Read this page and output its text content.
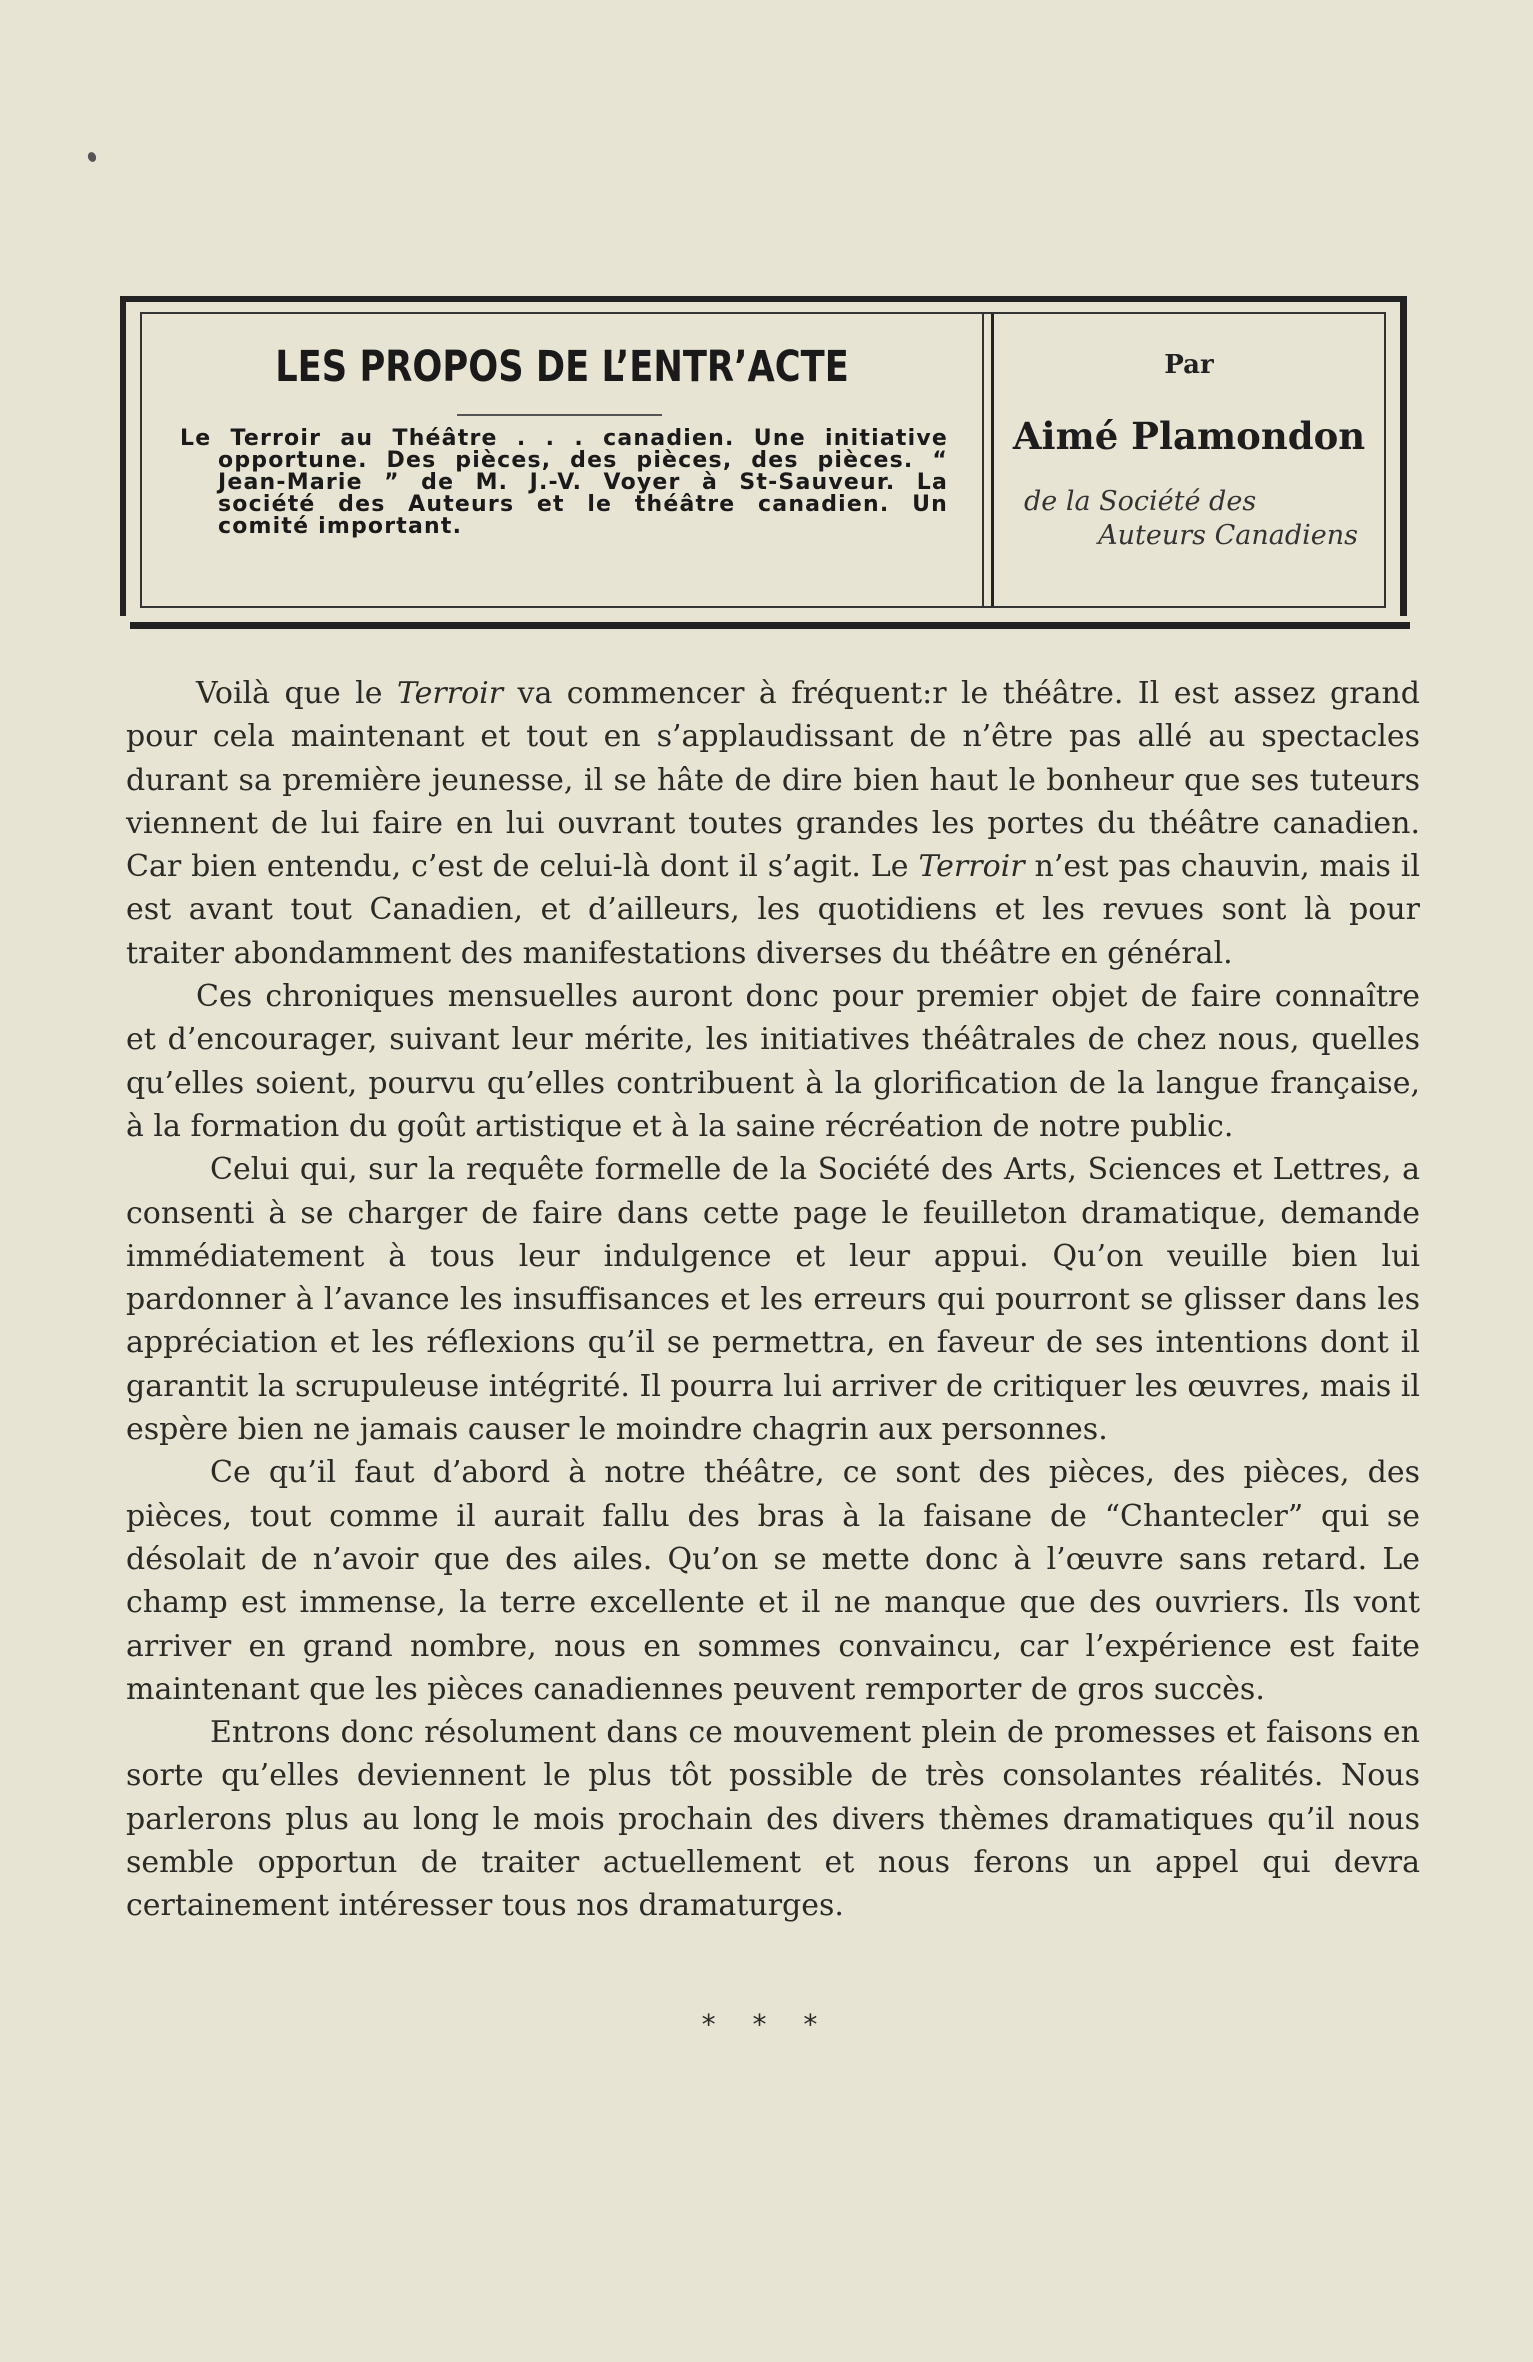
LES PROPOS DE L’ENTR’ACTE
Le Terroir au Théâtre . . . canadien. Une initiative opportune. Des pièces, des pièces, des pièces. “ Jean-Marie ” de M. J.-V. Voyer à St-Sauveur. La société des Auteurs et le théâtre canadien. Un comité important.
Par
Aimé Plamondon
de la Société des
Auteurs Canadiens

Voilà que le Terroir va commencer à fréquent:r le théâtre. Il est assez grand pour cela maintenant et tout en s’applaudissant de n’être pas allé au spectacles durant sa première jeunesse, il se hâte de dire bien haut le bonheur que ses tuteurs viennent de lui faire en lui ouvrant toutes grandes les portes du théâtre canadien. Car bien entendu, c’est de celui-là dont il s’agit. Le Terroir n’est pas chauvin, mais il est avant tout Canadien, et d’ailleurs, les quotidiens et les revues sont là pour traiter abondamment des manifestations diverses du théâtre en général.

Ces chroniques mensuelles auront donc pour premier objet de faire connaître et d’encourager, suivant leur mérite, les initiatives théâtrales de chez nous, quelles qu’elles soient, pourvu qu’elles contribuent à la glorification de la langue française, à la formation du goût artistique et à la saine récréation de notre public.

Celui qui, sur la requête formelle de la Société des Arts, Sciences et Lettres, a consenti à se charger de faire dans cette page le feuilleton dramatique, demande immédiatement à tous leur indulgence et leur appui. Qu’on veuille bien lui pardonner à l’avance les insuffisances et les erreurs qui pourront se glisser dans les appréciation et les réflexions qu’il se permettra, en faveur de ses intentions dont il garantit la scrupuleuse intégrité. Il pourra lui arriver de critiquer les œuvres, mais il espère bien ne jamais causer le moindre chagrin aux personnes.

Ce qu’il faut d’abord à notre théâtre, ce sont des pièces, des pièces, des pièces, tout comme il aurait fallu des bras à la faisane de “Chantecler” qui se désolait de n’avoir que des ailes. Qu’on se mette donc à l’œuvre sans retard. Le champ est immense, la terre excellente et il ne manque que des ouvriers. Ils vont arriver en grand nombre, nous en sommes convaincu, car l’expérience est faite maintenant que les pièces canadiennes peuvent remporter de gros succès.

Entrons donc résolument dans ce mouvement plein de promesses et faisons en sorte qu’elles deviennent le plus tôt possible de très consolantes réalités. Nous parlerons plus au long le mois prochain des divers thèmes dramatiques qu’il nous semble opportun de traiter actuellement et nous ferons un appel qui devra certainement intéresser tous nos dramaturges.

* * *
